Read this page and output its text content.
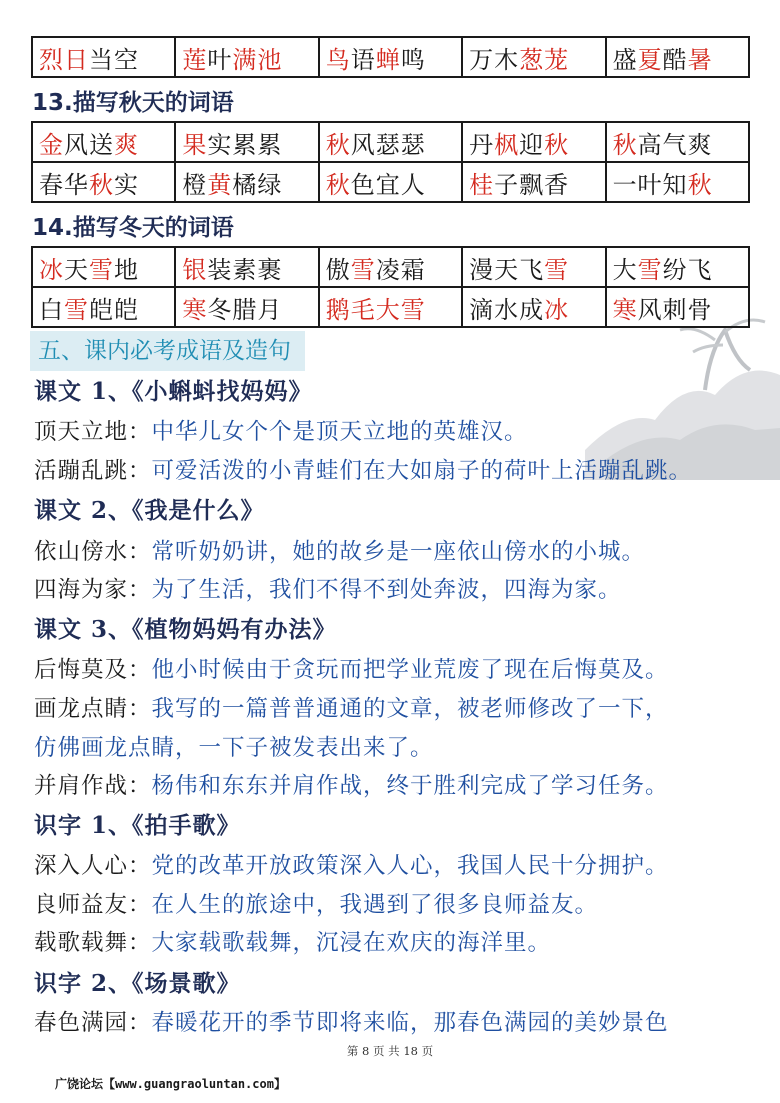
烈日当空	莲叶满池	鸟语蝉鸣	万木葱茏	盛夏酷暑
13.描写秋天的词语
金风送爽	果实累累	秋风瑟瑟	丹枫迎秋	秋高气爽
春华秋实	橙黄橘绿	秋色宜人	桂子飘香	一叶知秋
14.描写冬天的词语
冰天雪地	银装素裹	傲雪凌霜	漫天飞雪	大雪纷飞
白雪皑皑	寒冬腊月	鹅毛大雪	滴水成冰	寒风刺骨
五、课内必考成语及造句
课文 1、《小蝌蚪找妈妈》
顶天立地：中华儿女个个是顶天立地的英雄汉。
活蹦乱跳：可爱活泼的小青蛙们在大如扇子的荷叶上活蹦乱跳。
课文 2、《我是什么》
依山傍水：常听奶奶讲，她的故乡是一座依山傍水的小城。
四海为家：为了生活，我们不得不到处奔波，四海为家。
课文 3、《植物妈妈有办法》
后悔莫及：他小时候由于贪玩而把学业荒废了现在后悔莫及。
画龙点睛：我写的一篇普普通通的文章，被老师修改了一下，
仿佛画龙点睛，一下子被发表出来了。
并肩作战：杨伟和东东并肩作战，终于胜利完成了学习任务。
识字 1、《拍手歌》
深入人心：党的改革开放政策深入人心，我国人民十分拥护。
良师益友：在人生的旅途中，我遇到了很多良师益友。
载歌载舞：大家载歌载舞，沉浸在欢庆的海洋里。
识字 2、《场景歌》
春色满园：春暖花开的季节即将来临，那春色满园的美妙景色
第 8 页 共 18 页
广饶论坛【www.guangraoluntan.com】
